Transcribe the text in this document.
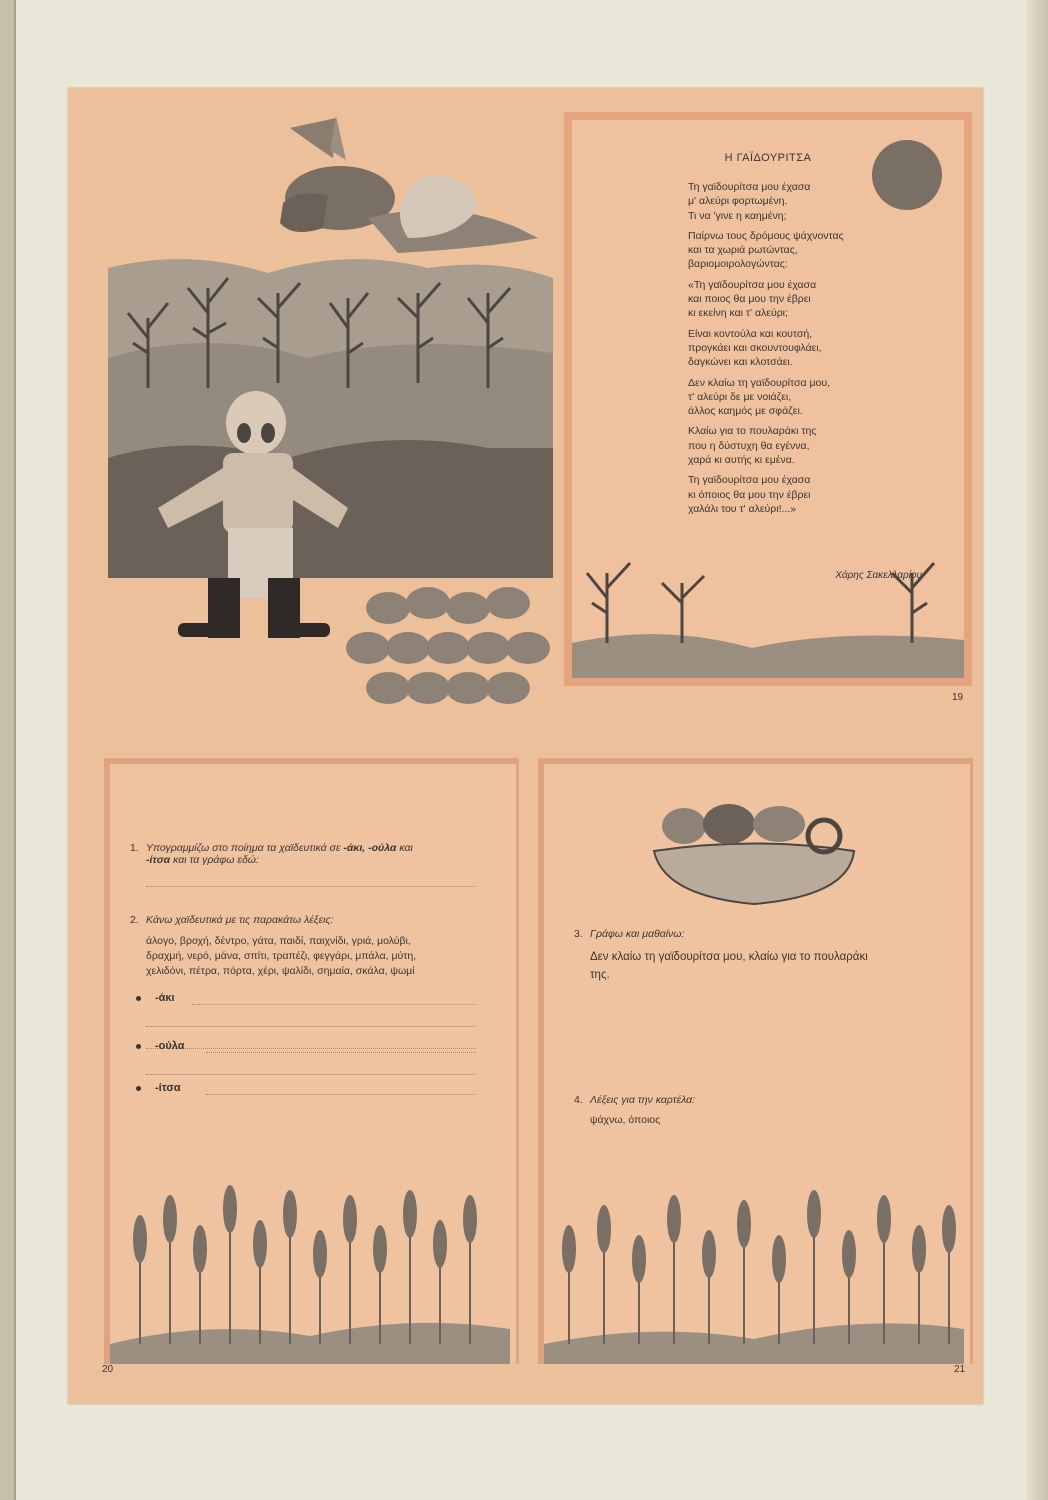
Η ΓΑΪΔΟΥΡΙΤΣΑ
Τη γαϊδουρίτσα μου έχασα
μ' αλεύρι φορτωμένη.
Τι να 'γινε η καημένη;
Παίρνω τους δρόμους ψάχνοντας
και τα χωριά ρωτώντας,
βαριομοιρολογώντας:
«Τη γαϊδουρίτσα μου έχασα
και ποιος θα μου την έβρει
κι εκείνη και τ' αλεύρι;
Είναι κοντούλα και κουτσή,
προγκάει και σκουντουφλάει,
δαγκώνει και κλοτσάει.
Δεν κλαίω τη γαϊδουρίτσα μου,
τ' αλεύρι δε με νοιάζει,
άλλος καημός με σφάζει.
Κλαίω για το πουλαράκι της
που η δύστυχη θα εγέννα,
χαρά κι αυτής κι εμένα.
Τη γαϊδουρίτσα μου έχασα
κι όποιος θα μου την έβρει
χαλάλι του τ' αλεύρι!...»
Χάρης Σακελλαρίου
19
1. Υπογραμμίζω στο ποίημα τα χαϊδευτικά σε -άκι, -ούλα και
-ίτσα και τα γράφω εδώ:
2. Κάνω χαϊδευτικά με τις παρακάτω λέξεις:
άλογο, βροχή, δέντρο, γάτα, παιδί, παιχνίδι, γριά, μολύβι,
δραχμή, νερό, μάνα, σπίτι, τραπέζι, φεγγάρι, μπάλα, μύτη,
χελιδόνι, πέτρα, πόρτα, χέρι, ψαλίδι, σημαία, σκάλα, ψωμί
-άκι
-ούλα
-ίτσα
20
3. Γράφω και μαθαίνω:
Δεν κλαίω τη γαϊδουρίτσα μου, κλαίω για το πουλαράκι
της.
4. Λέξεις για την καρτέλα:
ψάχνω, όποιος
21
